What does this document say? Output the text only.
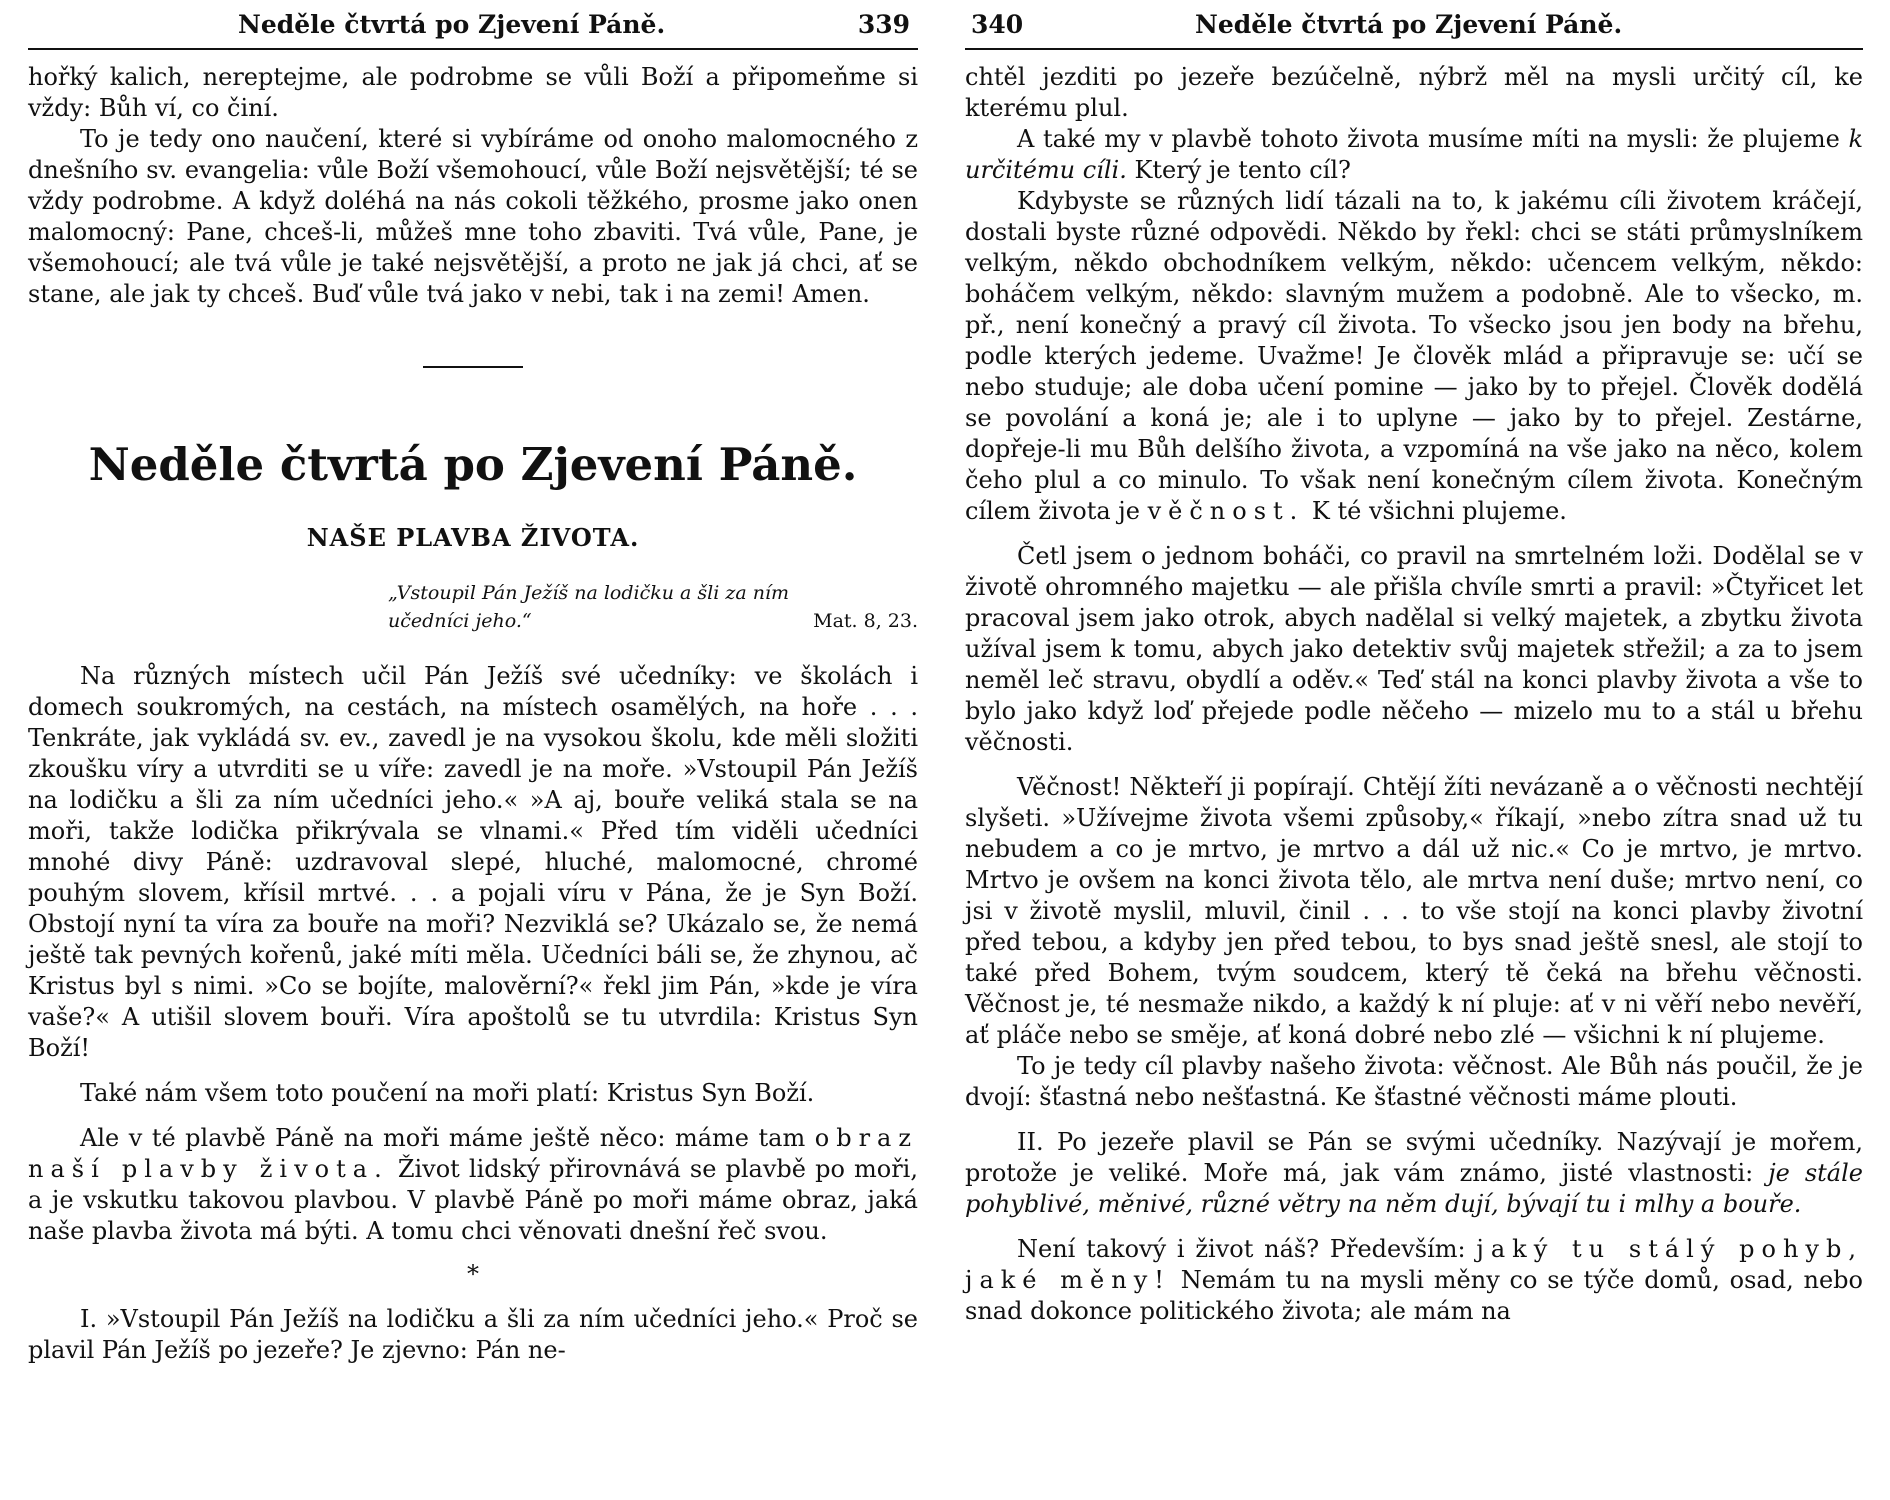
Neděle čtvrtá po Zjevení Páně.	339

hořký kalich, nereptejme, ale podrobme se vůli Boží a připomeňme si vždy: Bůh ví, co činí.

To je tedy ono naučení, které si vybíráme od onoho malomocného z dnešního sv. evangelia: vůle Boží všemohoucí, vůle Boží nejsvětější; té se vždy podrobme. A když doléhá na nás cokoli těžkého, prosme jako onen malomocný: Pane, chceš-li, můžeš mne toho zbaviti. Tvá vůle, Pane, je všemohoucí; ale tvá vůle je také nejsvětější, a proto ne jak já chci, ať se stane, ale jak ty chceš. Buď vůle tvá jako v nebi, tak i na zemi! Amen.

Neděle čtvrtá po Zjevení Páně.
NAŠE PLAVBA ŽIVOTA.
„Vstoupil Pán Ježíš na lodičku a šli za ním
učedníci jeho.“	Mat. 8, 23.

Na různých místech učil Pán Ježíš své učedníky: ve školách i domech soukromých, na cestách, na místech osamělých, na hoře . . . Tenkráte, jak vykládá sv. ev., zavedl je na vysokou školu, kde měli složiti zkoušku víry a utvrditi se u víře: zavedl je na moře. »Vstoupil Pán Ježíš na lodičku a šli za ním učedníci jeho.« »A aj, bouře veliká stala se na moři, takže lodička přikrývala se vlnami.« Před tím viděli učedníci mnohé divy Páně: uzdravoval slepé, hluché, malomocné, chromé pouhým slovem, křísil mrtvé. . . a pojali víru v Pána, že je Syn Boží. Obstojí nyní ta víra za bouře na moři? Nezviklá se? Ukázalo se, že nemá ještě tak pevných kořenů, jaké míti měla. Učedníci báli se, že zhynou, ač Kristus byl s nimi. »Co se bojíte, malověrní?« řekl jim Pán, »kde je víra vaše?« A utišil slovem bouři. Víra apoštolů se tu utvrdila: Kristus Syn Boží!

Také nám všem toto poučení na moři platí: Kristus Syn Boží.

Ale v té plavbě Páně na moři máme ještě něco: máme tam obraz naší plavby života. Život lidský přirovnává se plavbě po moři, a je vskutku takovou plavbou. V plavbě Páně po moři máme obraz, jaká naše plavba života má býti. A tomu chci věnovati dnešní řeč svou.

*

I. »Vstoupil Pán Ježíš na lodičku a šli za ním učedníci jeho.« Proč se plavil Pán Ježíš po jezeře? Je zjevno: Pán ne-

340	Neděle čtvrtá po Zjevení Páně.

chtěl jezditi po jezeře bezúčelně, nýbrž měl na mysli určitý cíl, ke kterému plul.

A také my v plavbě tohoto života musíme míti na mysli: že plujeme k určitému cíli. Který je tento cíl?

Kdybyste se různých lidí tázali na to, k jakému cíli životem kráčejí, dostali byste různé odpovědi. Někdo by řekl: chci se státi průmyslníkem velkým, někdo obchodníkem velkým, někdo: učencem velkým, někdo: boháčem velkým, někdo: slavným mužem a podobně. Ale to všecko, m. př., není konečný a pravý cíl života. To všecko jsou jen body na břehu, podle kterých jedeme. Uvažme! Je člověk mlád a připravuje se: učí se nebo studuje; ale doba učení pomine — jako by to přejel. Člověk dodělá se povolání a koná je; ale i to uplyne — jako by to přejel. Zestárne, dopřeje-li mu Bůh delšího života, a vzpomíná na vše jako na něco, kolem čeho plul a co minulo. To však není konečným cílem života. Konečným cílem života je věčnost. K té všichni plujeme.

Četl jsem o jednom boháči, co pravil na smrtelném loži. Dodělal se v životě ohromného majetku — ale přišla chvíle smrti a pravil: »Čtyřicet let pracoval jsem jako otrok, abych nadělal si velký majetek, a zbytku života užíval jsem k tomu, abych jako detektiv svůj majetek střežil; a za to jsem neměl leč stravu, obydlí a oděv.« Teď stál na konci plavby života a vše to bylo jako když loď přejede podle něčeho — mizelo mu to a stál u břehu věčnosti.

Věčnost! Někteří ji popírají. Chtějí žíti nevázaně a o věčnosti nechtějí slyšeti. »Užívejme života všemi způsoby,« říkají, »nebo zítra snad už tu nebudem a co je mrtvo, je mrtvo a dál už nic.« Co je mrtvo, je mrtvo. Mrtvo je ovšem na konci života tělo, ale mrtva není duše; mrtvo není, co jsi v životě myslil, mluvil, činil . . . to vše stojí na konci plavby životní před tebou, a kdyby jen před tebou, to bys snad ještě snesl, ale stojí to také před Bohem, tvým soudcem, který tě čeká na břehu věčnosti. Věčnost je, té nesmaže nikdo, a každý k ní pluje: ať v ni věří nebo nevěří, ať pláče nebo se směje, ať koná dobré nebo zlé — všichni k ní plujeme.

To je tedy cíl plavby našeho života: věčnost. Ale Bůh nás poučil, že je dvojí: šťastná nebo nešťastná. Ke šťastné věčnosti máme plouti.

II. Po jezeře plavil se Pán se svými učedníky. Nazývají je mořem, protože je veliké. Moře má, jak vám známo, jisté vlastnosti: je stále pohyblivé, měnivé, různé větry na něm dují, bývají tu i mlhy a bouře.

Není takový i život náš? Především: jaký tu stálý pohyb, jaké měny! Nemám tu na mysli měny co se týče domů, osad, nebo snad dokonce politického života; ale mám na
